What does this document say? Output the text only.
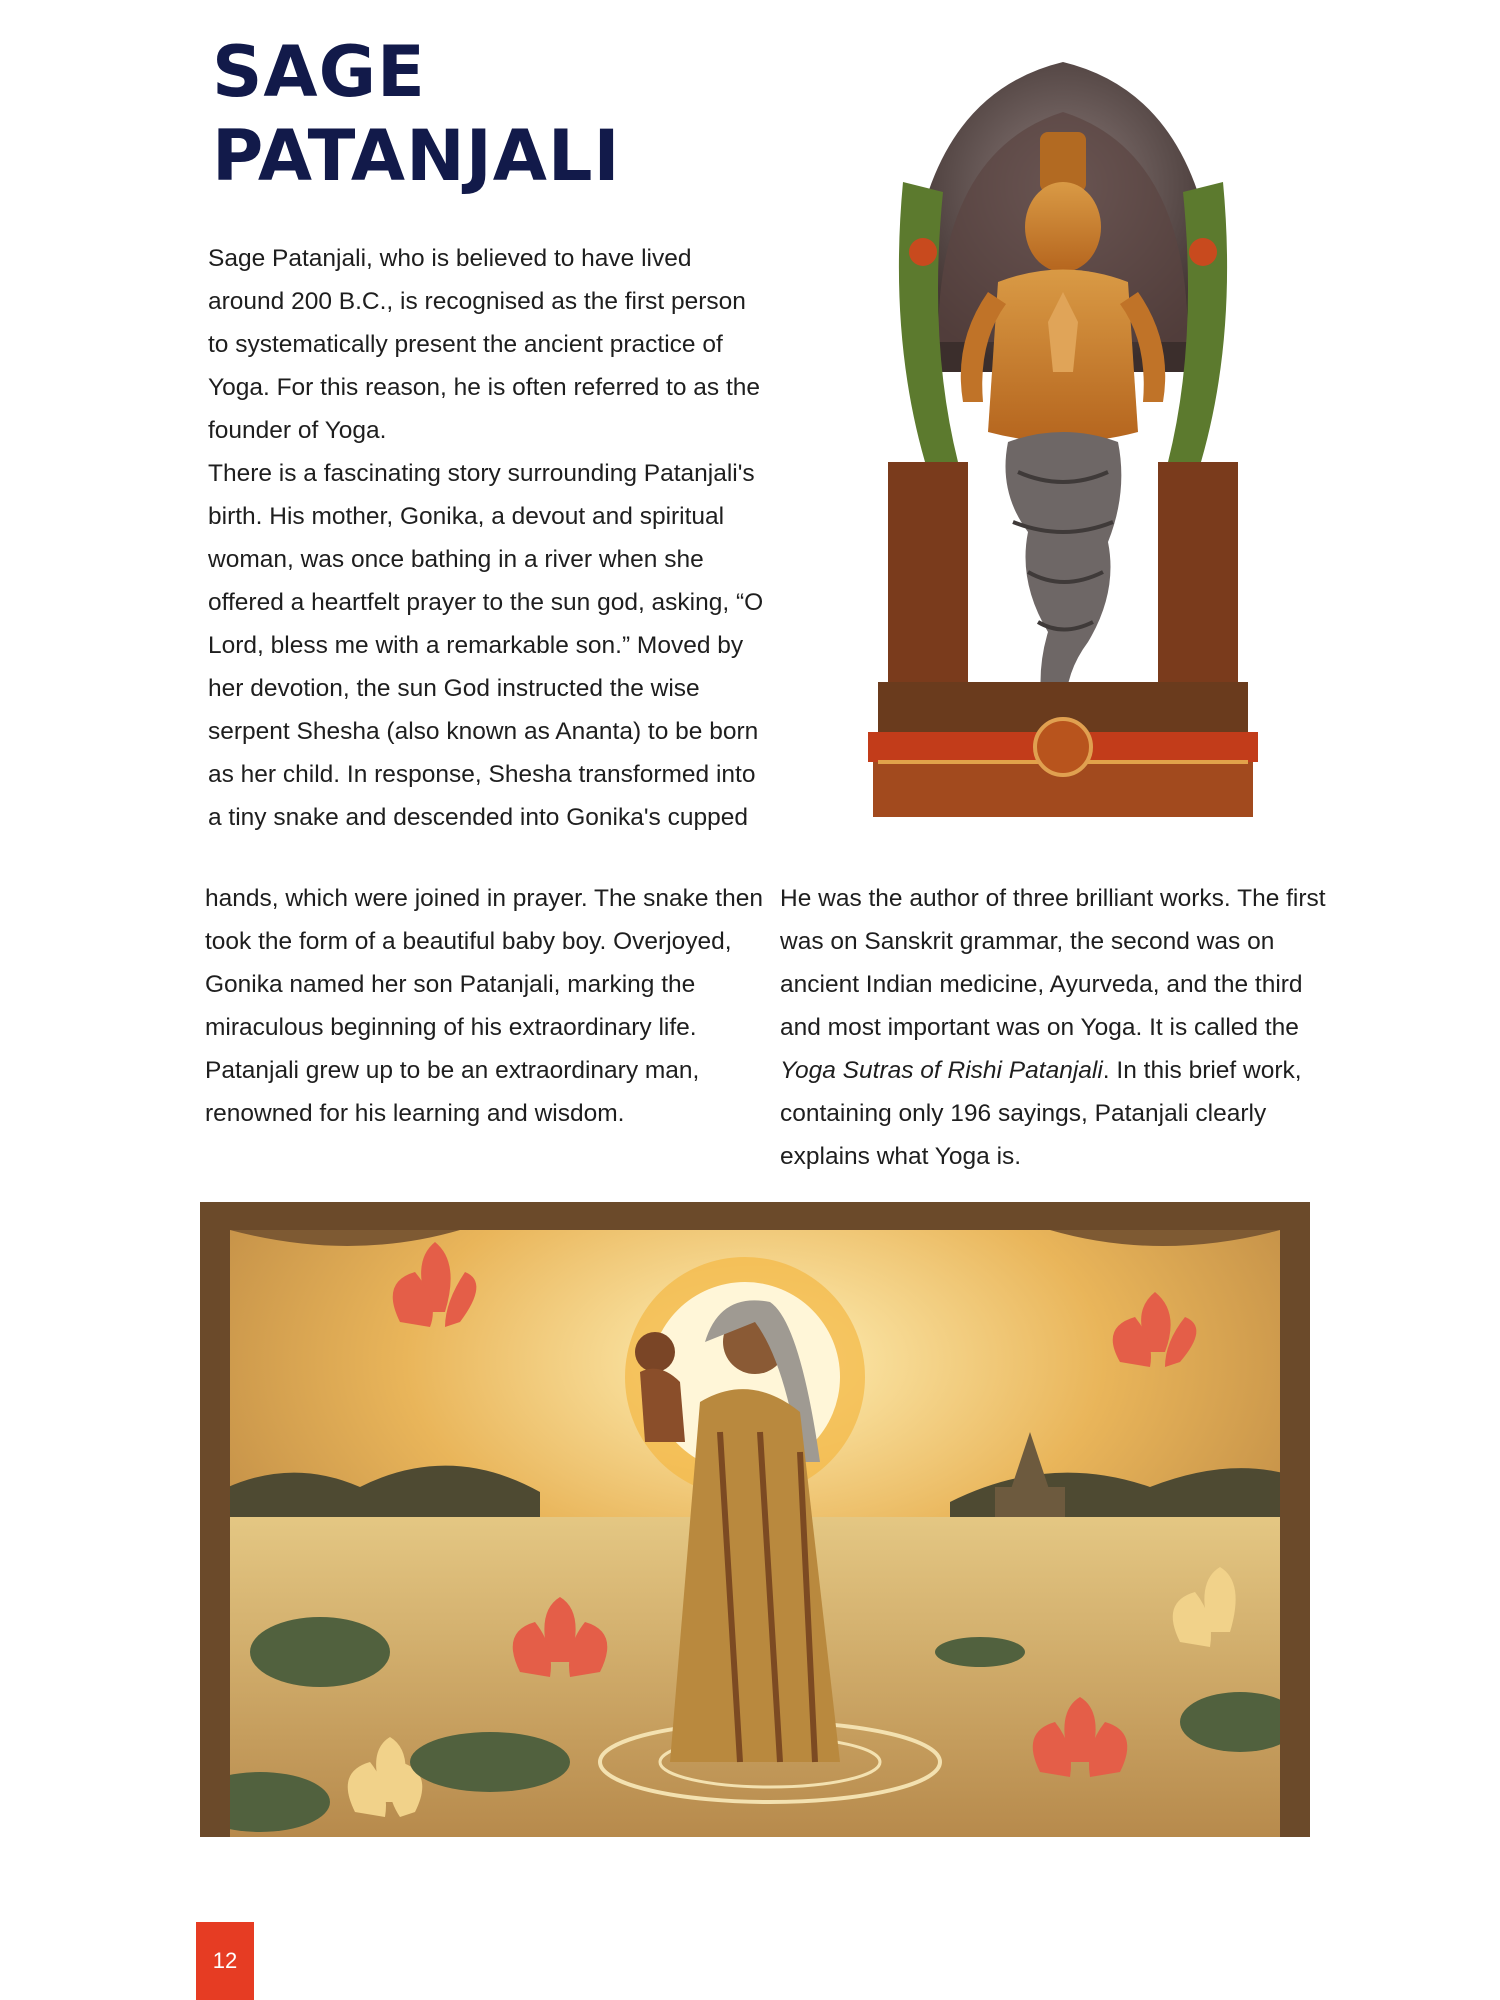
SAGE
PATANJALI

Sage Patanjali, who is believed to have lived around 200 B.C., is recognised as the first person to systematically present the ancient practice of Yoga. For this reason, he is often referred to as the founder of Yoga.

There is a fascinating story surrounding Patanjali's birth. His mother, Gonika, a devout and spiritual woman, was once bathing in a river when she offered a heartfelt prayer to the sun god, asking, “O Lord, bless me with a remarkable son.” Moved by her devotion, the sun God instructed the wise serpent Shesha (also known as Ananta) to be born as her child. In response, Shesha transformed into a tiny snake and descended into Gonika's cupped

hands, which were joined in prayer. The snake then took the form of a beautiful baby boy. Overjoyed, Gonika named her son Patanjali, marking the miraculous beginning of his extraordinary life.

Patanjali grew up to be an extraordinary man, renowned for his learning and wisdom.

He was the author of three brilliant works. The first was on Sanskrit grammar, the second was on ancient Indian medicine, Ayurveda, and the third and most important was on Yoga. It is called the Yoga Sutras of Rishi Patanjali. In this brief work, containing only 196 sayings, Patanjali clearly explains what Yoga is.

12
